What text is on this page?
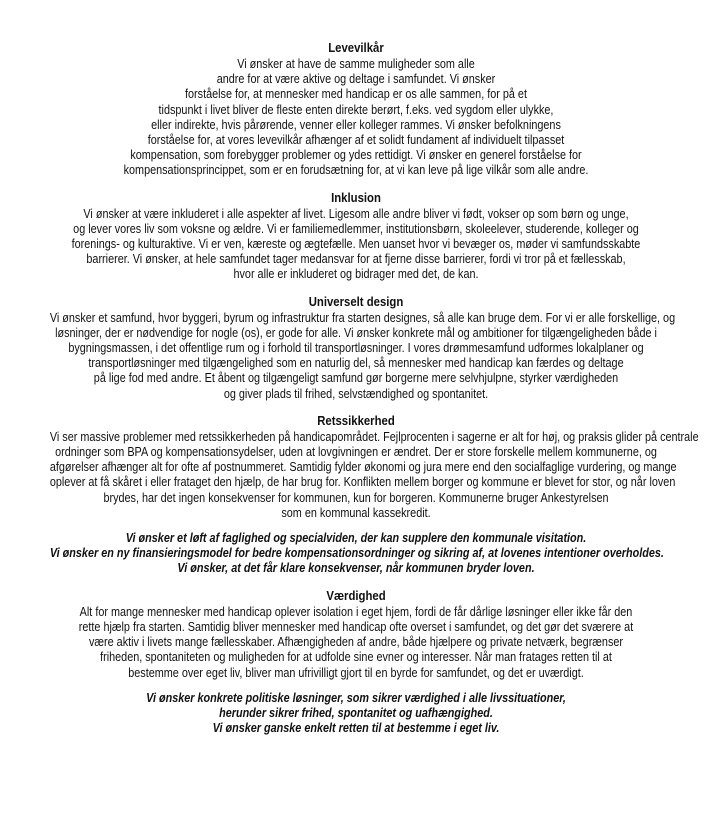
Levevilkår
Vi ønsker at have de samme muligheder som alle
andre for at være aktive og deltage i samfundet. Vi ønsker
forståelse for, at mennesker med handicap er os alle sammen, for på et
tidspunkt i livet bliver de fleste enten direkte berørt, f.eks. ved sygdom eller ulykke,
eller indirekte, hvis pårørende, venner eller kolleger rammes. Vi ønsker befolkningens
forståelse for, at vores levevilkår afhænger af et solidt fundament af individuelt tilpasset
kompensation, som forebygger problemer og ydes rettidigt. Vi ønsker en generel forståelse for
kompensationsprincippet, som er en forudsætning for, at vi kan leve på lige vilkår som alle andre.
Inklusion
Vi ønsker at være inkluderet i alle aspekter af livet. Ligesom alle andre bliver vi født, vokser op som børn og unge,
og lever vores liv som voksne og ældre. Vi er familiemedlemmer, institutionsbørn, skoleelever, studerende, kolleger og
forenings- og kulturaktive. Vi er ven, kæreste og ægtefælle. Men uanset hvor vi bevæger os, møder vi samfundsskabte
barrierer. Vi ønsker, at hele samfundet tager medansvar for at fjerne disse barrierer, fordi vi tror på et fællesskab,
hvor alle er inkluderet og bidrager med det, de kan.
Universelt design
Vi ønsker et samfund, hvor byggeri, byrum og infrastruktur fra starten designes, så alle kan bruge dem. For vi er alle forskellige, og
løsninger, der er nødvendige for nogle (os), er gode for alle. Vi ønsker konkrete mål og ambitioner for tilgængeligheden både i
bygningsmassen, i det offentlige rum og i forhold til transportløsninger. I vores drømmesamfund udformes lokalplaner og
transportløsninger med tilgængelighed som en naturlig del, så mennesker med handicap kan færdes og deltage
på lige fod med andre. Et åbent og tilgængeligt samfund gør borgerne mere selvhjulpne, styrker værdigheden
og giver plads til frihed, selvstændighed og spontanitet.
Retssikkerhed
Vi ser massive problemer med retssikkerheden på handicapområdet. Fejlprocenten i sagerne er alt for høj, og praksis glider på centrale
ordninger som BPA og kompensationsydelser, uden at lovgivningen er ændret. Der er store forskelle mellem kommunerne, og
afgørelser afhænger alt for ofte af postnummeret. Samtidig fylder økonomi og jura mere end den socialfaglige vurdering, og mange
oplever at få skåret i eller frataget den hjælp, de har brug for. Konflikten mellem borger og kommune er blevet for stor, og når loven
brydes, har det ingen konsekvenser for kommunen, kun for borgeren. Kommunerne bruger Ankestyrelsen
som en kommunal kassekredit.
Vi ønsker et løft af faglighed og specialviden, der kan supplere den kommunale visitation.
Vi ønsker en ny finansieringsmodel for bedre kompensationsordninger og sikring af, at lovenes intentioner overholdes.
Vi ønsker, at det får klare konsekvenser, når kommunen bryder loven.
Værdighed
Alt for mange mennesker med handicap oplever isolation i eget hjem, fordi de får dårlige løsninger eller ikke får den
rette hjælp fra starten. Samtidig bliver mennesker med handicap ofte overset i samfundet, og det gør det sværere at
være aktiv i livets mange fællesskaber. Afhængigheden af andre, både hjælpere og private netværk, begrænser
friheden, spontaniteten og muligheden for at udfolde sine evner og interesser. Når man fratages retten til at
bestemme over eget liv, bliver man ufrivilligt gjort til en byrde for samfundet, og det er uværdigt.
Vi ønsker konkrete politiske løsninger, som sikrer værdighed i alle livssituationer,
herunder sikrer frihed, spontanitet og uafhængighed.
Vi ønsker ganske enkelt retten til at bestemme i eget liv.
